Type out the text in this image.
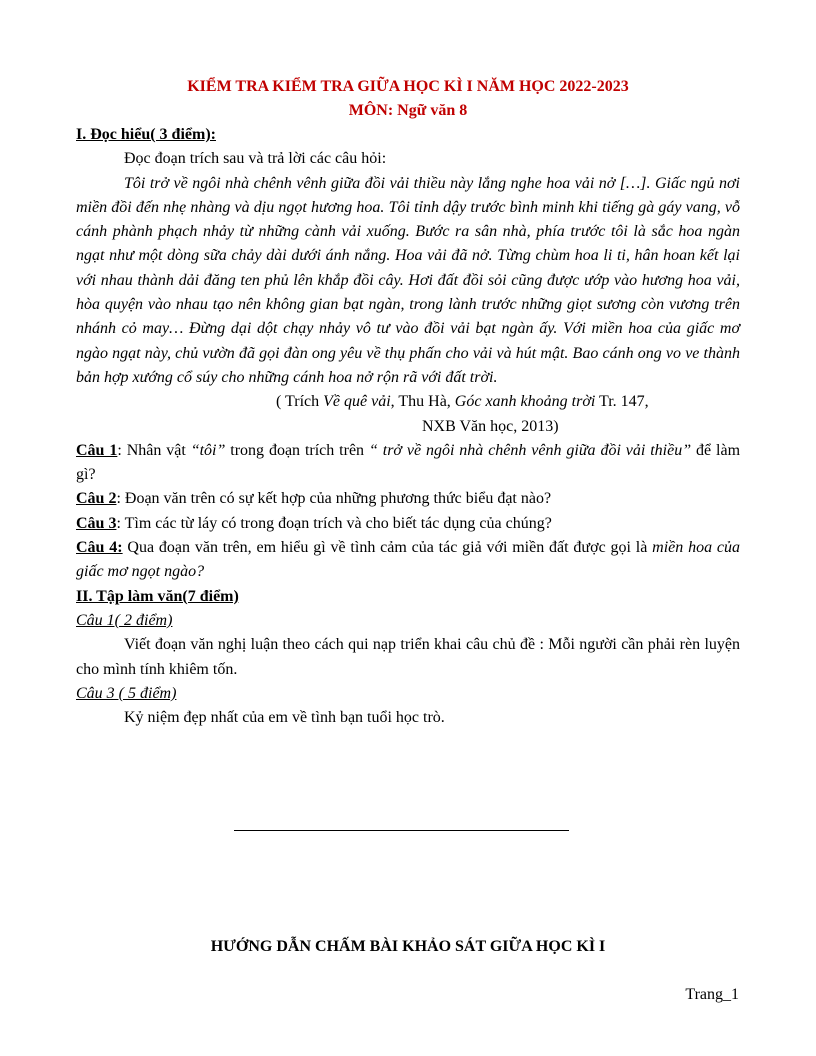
KIỂM TRA KIỂM TRA GIỮA HỌC KÌ I NĂM HỌC 2022-2023
MÔN: Ngữ văn 8
I. Đọc hiểu( 3 điểm):
Đọc đoạn trích sau và trả lời các câu hỏi:
Tôi trở về ngôi nhà chênh vênh giữa đồi vải thiều này lắng nghe hoa vải nở […]. Giấc ngủ nơi miền đồi đến nhẹ nhàng và dịu ngọt hương hoa. Tôi tỉnh dậy trước bình minh khi tiếng gà gáy vang, vỗ cánh phành phạch nhảy từ những cành vải xuống. Bước ra sân nhà, phía trước tôi là sắc hoa ngàn ngạt như một dòng sữa chảy dài dưới ánh nắng. Hoa vải đã nở. Từng chùm hoa li ti, hân hoan kết lại với nhau thành dải đăng ten phủ lên khắp đồi cây. Hơi đất đồi sỏi cũng được ướp vào hương hoa vải, hòa quyện vào nhau tạo nên không gian bạt ngàn, trong lành trước những giọt sương còn vương trên nhánh cỏ may… Đừng dại dột chạy nhảy vô tư vào đồi vải bạt ngàn ấy. Với miền hoa của giấc mơ ngào ngạt này, chủ vườn đã gọi đàn ong yêu về thụ phấn cho vải và hút mật. Bao cánh ong vo ve thành bản hợp xướng cổ súy cho những cánh hoa nở rộn rã với đất trời.
( Trích Về quê vải, Thu Hà, Góc xanh khoảng trời Tr. 147,
NXB Văn học, 2013)
Câu 1: Nhân vật “tôi” trong đoạn trích trên “ trở về ngôi nhà chênh vênh giữa đồi vải thiều” để làm gì?
Câu 2: Đoạn văn trên có sự kết hợp của những phương thức biểu đạt nào?
Câu 3: Tìm các từ láy có trong đoạn trích và cho biết tác dụng của chúng?
Câu 4: Qua đoạn văn trên, em hiểu gì về tình cảm của tác giả với miền đất được gọi là miền hoa của giấc mơ ngọt ngào?
II. Tập làm văn(7 điểm)
Câu 1( 2 điểm)
Viết đoạn văn nghị luận theo cách qui nạp triển khai câu chủ đề : Mỗi người cần phải rèn luyện cho mình tính khiêm tốn.
Câu 3 ( 5 điểm)
Kỷ niệm đẹp nhất của em về tình bạn tuổi học trò.
HƯỚNG DẪN CHẤM BÀI KHẢO SÁT GIỮA HỌC KÌ I
Trang_1
